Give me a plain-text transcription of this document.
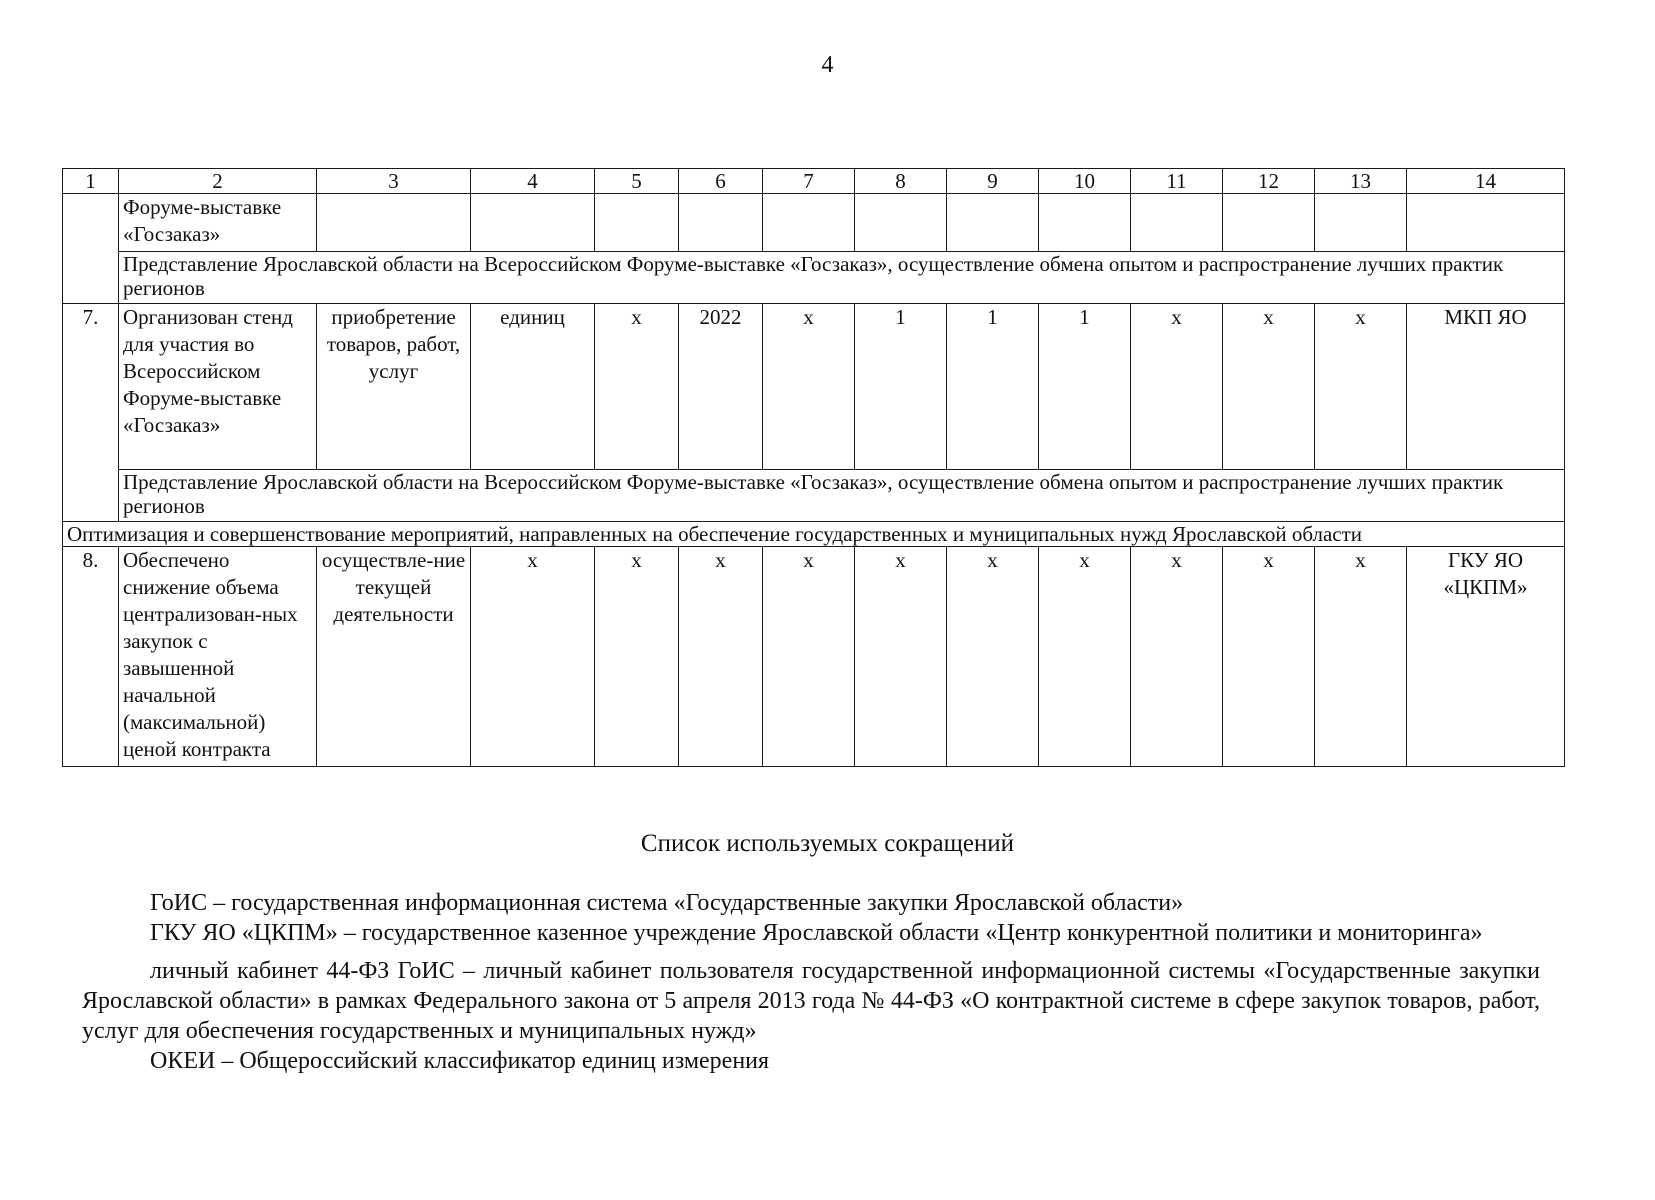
4
1	2	3	4	5	6	7	8	9	10	11	12	13	14
	Форуме-выставке «Госзаказ»												
	Представление Ярославской области на Всероссийском Форуме-выставке «Госзаказ», осуществление обмена опытом и распространение лучших практик регионов												
7.	Организован стенд для участия во Всероссийском Форуме-выставке «Госзаказ»	приобретение товаров, работ, услуг	единиц	х	2022	х	1	1	1	х	х	х	МКП ЯО
	Представление Ярославской области на Всероссийском Форуме-выставке «Госзаказ», осуществление обмена опытом и распространение лучших практик регионов												
Оптимизация и совершенствование мероприятий, направленных на обеспечение государственных и муниципальных нужд Ярославской области													
8.	Обеспечено снижение объема централизован-ных закупок с завышенной начальной (максимальной) ценой контракта	осуществле-ние текущей деятельности	х	х	х	х	х	х	х	х	х	х	ГКУ ЯО «ЦКПМ»
Список используемых сокращений

ГоИС – государственная информационная система «Государственные закупки Ярославской области»

ГКУ ЯО «ЦКПМ» – государственное казенное учреждение Ярославской области «Центр конкурентной политики и мониторинга»

личный кабинет 44-ФЗ ГоИС – личный кабинет пользователя государственной информационной системы «Государственные закупки Ярославской области» в рамках Федерального закона от 5 апреля 2013 года № 44-ФЗ «О контрактной системе в сфере закупок товаров, работ, услуг для обеспечения государственных и муниципальных нужд»

ОКЕИ – Общероссийский классификатор единиц измерения
